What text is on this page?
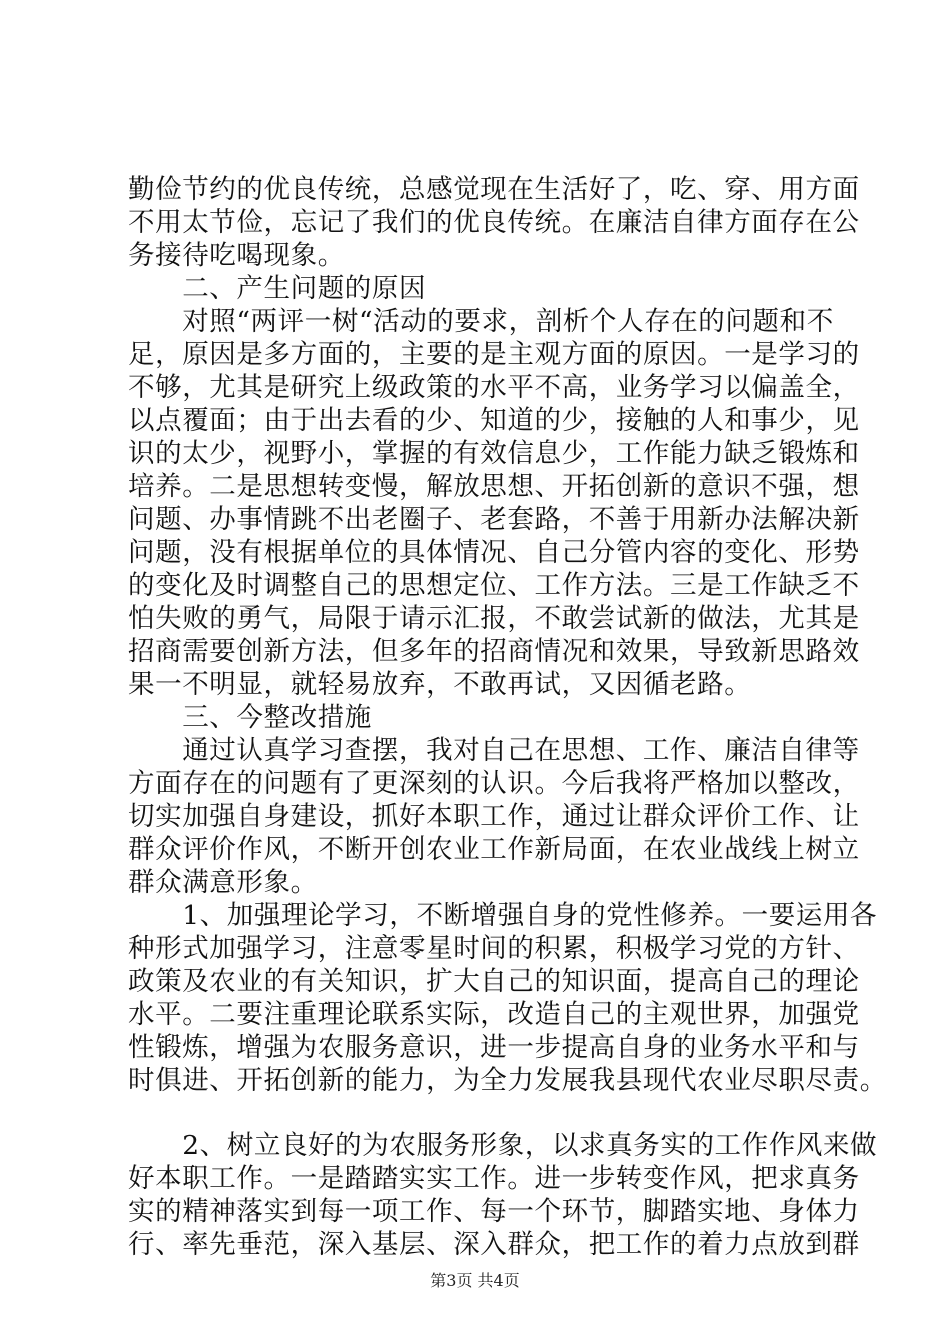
勤俭节约的优良传统，总感觉现在生活好了，吃、穿、用方面
不用太节俭，忘记了我们的优良传统。在廉洁自律方面存在公
务接待吃喝现象。
　　二、产生问题的原因
　　对照“两评一树“活动的要求，剖析个人存在的问题和不
足，原因是多方面的，主要的是主观方面的原因。一是学习的
不够，尤其是研究上级政策的水平不高，业务学习以偏盖全，
以点覆面；由于出去看的少、知道的少，接触的人和事少，见
识的太少，视野小，掌握的有效信息少，工作能力缺乏锻炼和
培养。二是思想转变慢，解放思想、开拓创新的意识不强，想
问题、办事情跳不出老圈子、老套路，不善于用新办法解决新
问题，没有根据单位的具体情况、自己分管内容的变化、形势
的变化及时调整自己的思想定位、工作方法。三是工作缺乏不
怕失败的勇气，局限于请示汇报，不敢尝试新的做法，尤其是
招商需要创新方法，但多年的招商情况和效果，导致新思路效
果一不明显，就轻易放弃，不敢再试，又因循老路。
　　三、今整改措施
　　通过认真学习查摆，我对自己在思想、工作、廉洁自律等
方面存在的问题有了更深刻的认识。今后我将严格加以整改，
切实加强自身建设，抓好本职工作，通过让群众评价工作、让
群众评价作风，不断开创农业工作新局面，在农业战线上树立
群众满意形象。
　　1、加强理论学习，不断增强自身的党性修养。一要运用各
种形式加强学习，注意零星时间的积累，积极学习党的方针、
政策及农业的有关知识，扩大自己的知识面，提高自己的理论
水平。二要注重理论联系实际，改造自己的主观世界，加强党
性锻炼，增强为农服务意识，进一步提高自身的业务水平和与
时俱进、开拓创新的能力，为全力发展我县现代农业尽职尽责。
　　2、树立良好的为农服务形象，以求真务实的工作作风来做
好本职工作。一是踏踏实实工作。进一步转变作风，把求真务
实的精神落实到每一项工作、每一个环节，脚踏实地、身体力
行、率先垂范，深入基层、深入群众，把工作的着力点放到群
第3页 共4页
